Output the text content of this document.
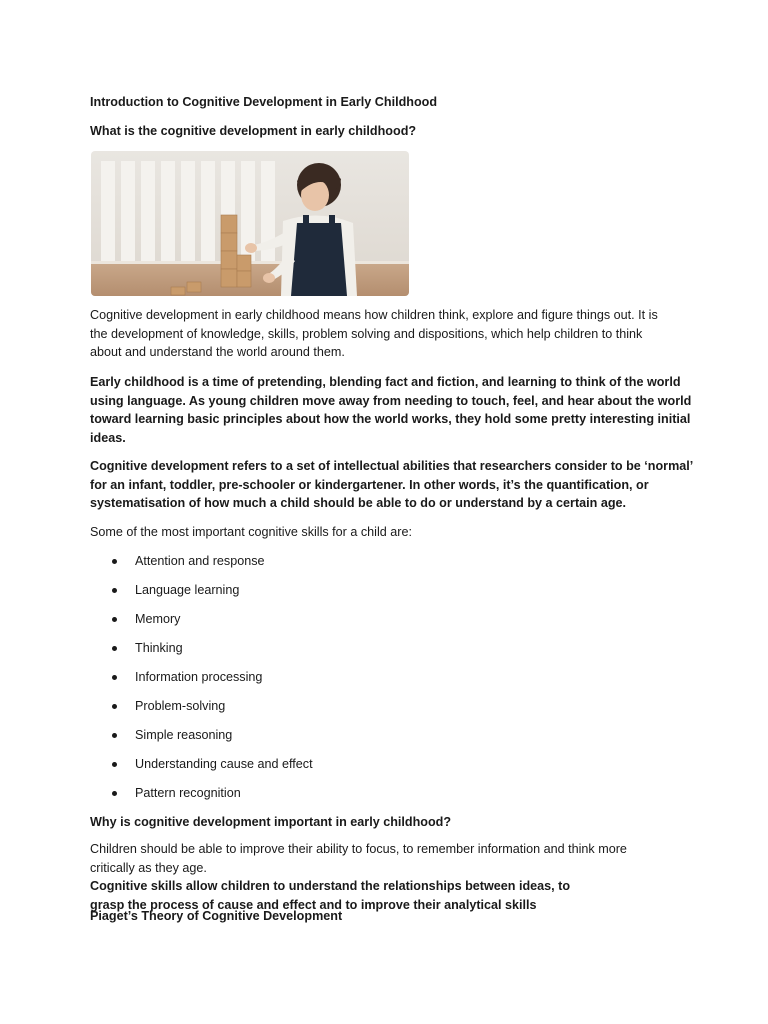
Introduction to Cognitive Development in Early Childhood
What is the cognitive development in early childhood?
Cognitive development in early childhood means how children think, explore and figure things out. It is
the development of knowledge, skills, problem solving and dispositions, which help children to think
about and understand the world around them.
Early childhood is a time of pretending, blending fact and fiction, and learning to think of the world
using language. As young children move away from needing to touch, feel, and hear about the world
toward learning basic principles about how the world works, they hold some pretty interesting initial
ideas.
Cognitive development refers to a set of intellectual abilities that researchers consider to be ‘normal’
for an infant, toddler, pre-schooler or kindergartener. In other words, it’s the quantification, or
systematisation of how much a child should be able to do or understand by a certain age.
Some of the most important cognitive skills for a child are:
Attention and response
Language learning
Memory
Thinking
Information processing
Problem-solving
Simple reasoning
Understanding cause and effect
Pattern recognition
Why is cognitive development important in early childhood?
Children should be able to improve their ability to focus, to remember information and think more
critically as they age.
Cognitive skills allow children to understand the relationships between ideas, to
grasp the process of cause and effect and to improve their analytical skills
Piaget’s Theory of Cognitive Development
